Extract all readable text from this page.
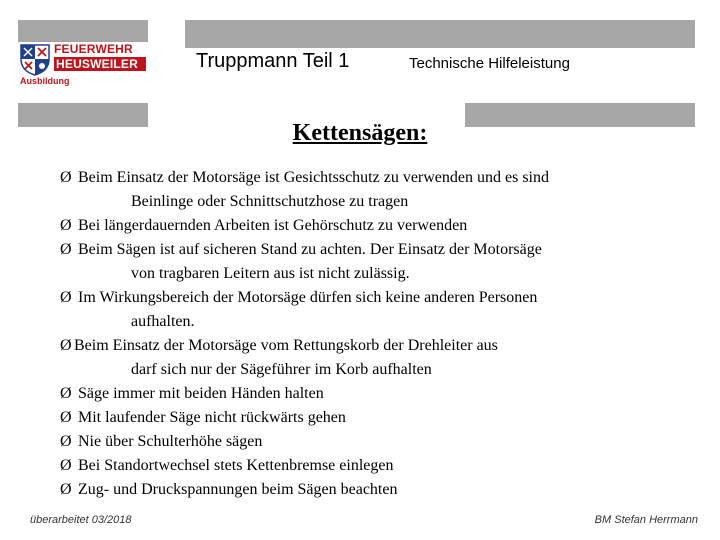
FEUERWEHR
HEUSWEILER
Ausbildung
Truppmann Teil 1	Technische Hilfeleistung
Kettensägen:
Ø Beim Einsatz der Motorsäge ist Gesichtsschutz zu verwenden und es sind
Beinlinge oder Schnittschutzhose zu tragen
Ø Bei längerdauernden Arbeiten ist Gehörschutz zu verwenden
Ø Beim Sägen ist auf sicheren Stand zu achten. Der Einsatz der Motorsäge
von tragbaren Leitern aus ist nicht zulässig.
Ø Im Wirkungsbereich der Motorsäge dürfen sich keine anderen Personen
aufhalten.
Ø Beim Einsatz der Motorsäge vom Rettungskorb der Drehleiter aus
darf sich nur der Sägeführer im Korb aufhalten
Ø Säge immer mit beiden Händen halten
Ø Mit laufender Säge nicht rückwärts gehen
Ø Nie über Schulterhöhe sägen
Ø Bei Standortwechsel stets Kettenbremse einlegen
Ø Zug- und Druckspannungen beim Sägen beachten
überarbeitet 03/2018	BM Stefan Herrmann
